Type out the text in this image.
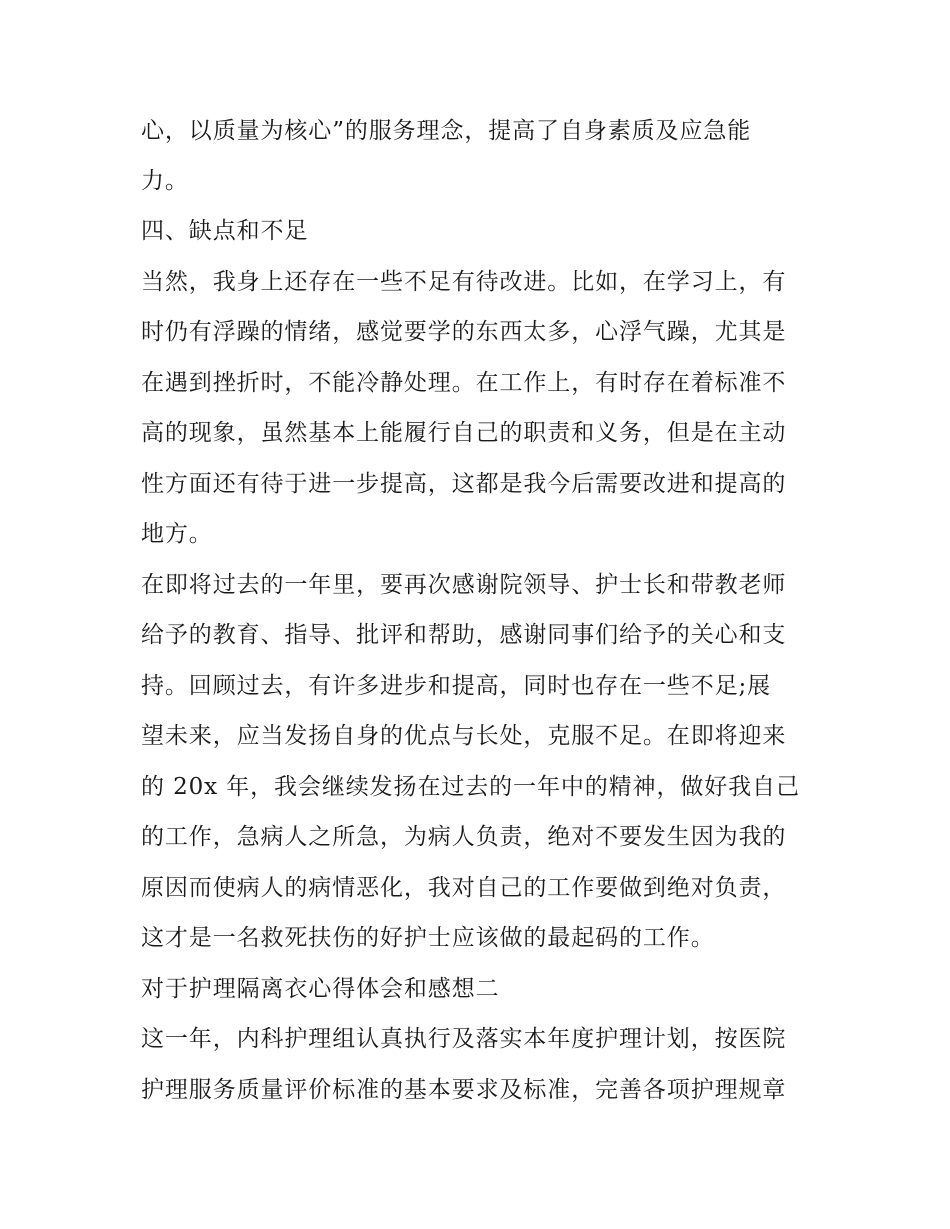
心，以质量为核心”的服务理念，提高了自身素质及应急能
力。
四、缺点和不足
当然，我身上还存在一些不足有待改进。比如，在学习上，有
时仍有浮躁的情绪，感觉要学的东西太多，心浮气躁，尤其是
在遇到挫折时，不能冷静处理。在工作上，有时存在着标准不
高的现象，虽然基本上能履行自己的职责和义务，但是在主动
性方面还有待于进一步提高，这都是我今后需要改进和提高的
地方。
在即将过去的一年里，要再次感谢院领导、护士长和带教老师
给予的教育、指导、批评和帮助，感谢同事们给予的关心和支
持。回顾过去，有许多进步和提高，同时也存在一些不足;展
望未来，应当发扬自身的优点与长处，克服不足。在即将迎来
的 20x 年，我会继续发扬在过去的一年中的精神，做好我自己
的工作，急病人之所急，为病人负责，绝对不要发生因为我的
原因而使病人的病情恶化，我对自己的工作要做到绝对负责，
这才是一名救死扶伤的好护士应该做的最起码的工作。
对于护理隔离衣心得体会和感想二
这一年，内科护理组认真执行及落实本年度护理计划，按医院
护理服务质量评价标准的基本要求及标准，完善各项护理规章
